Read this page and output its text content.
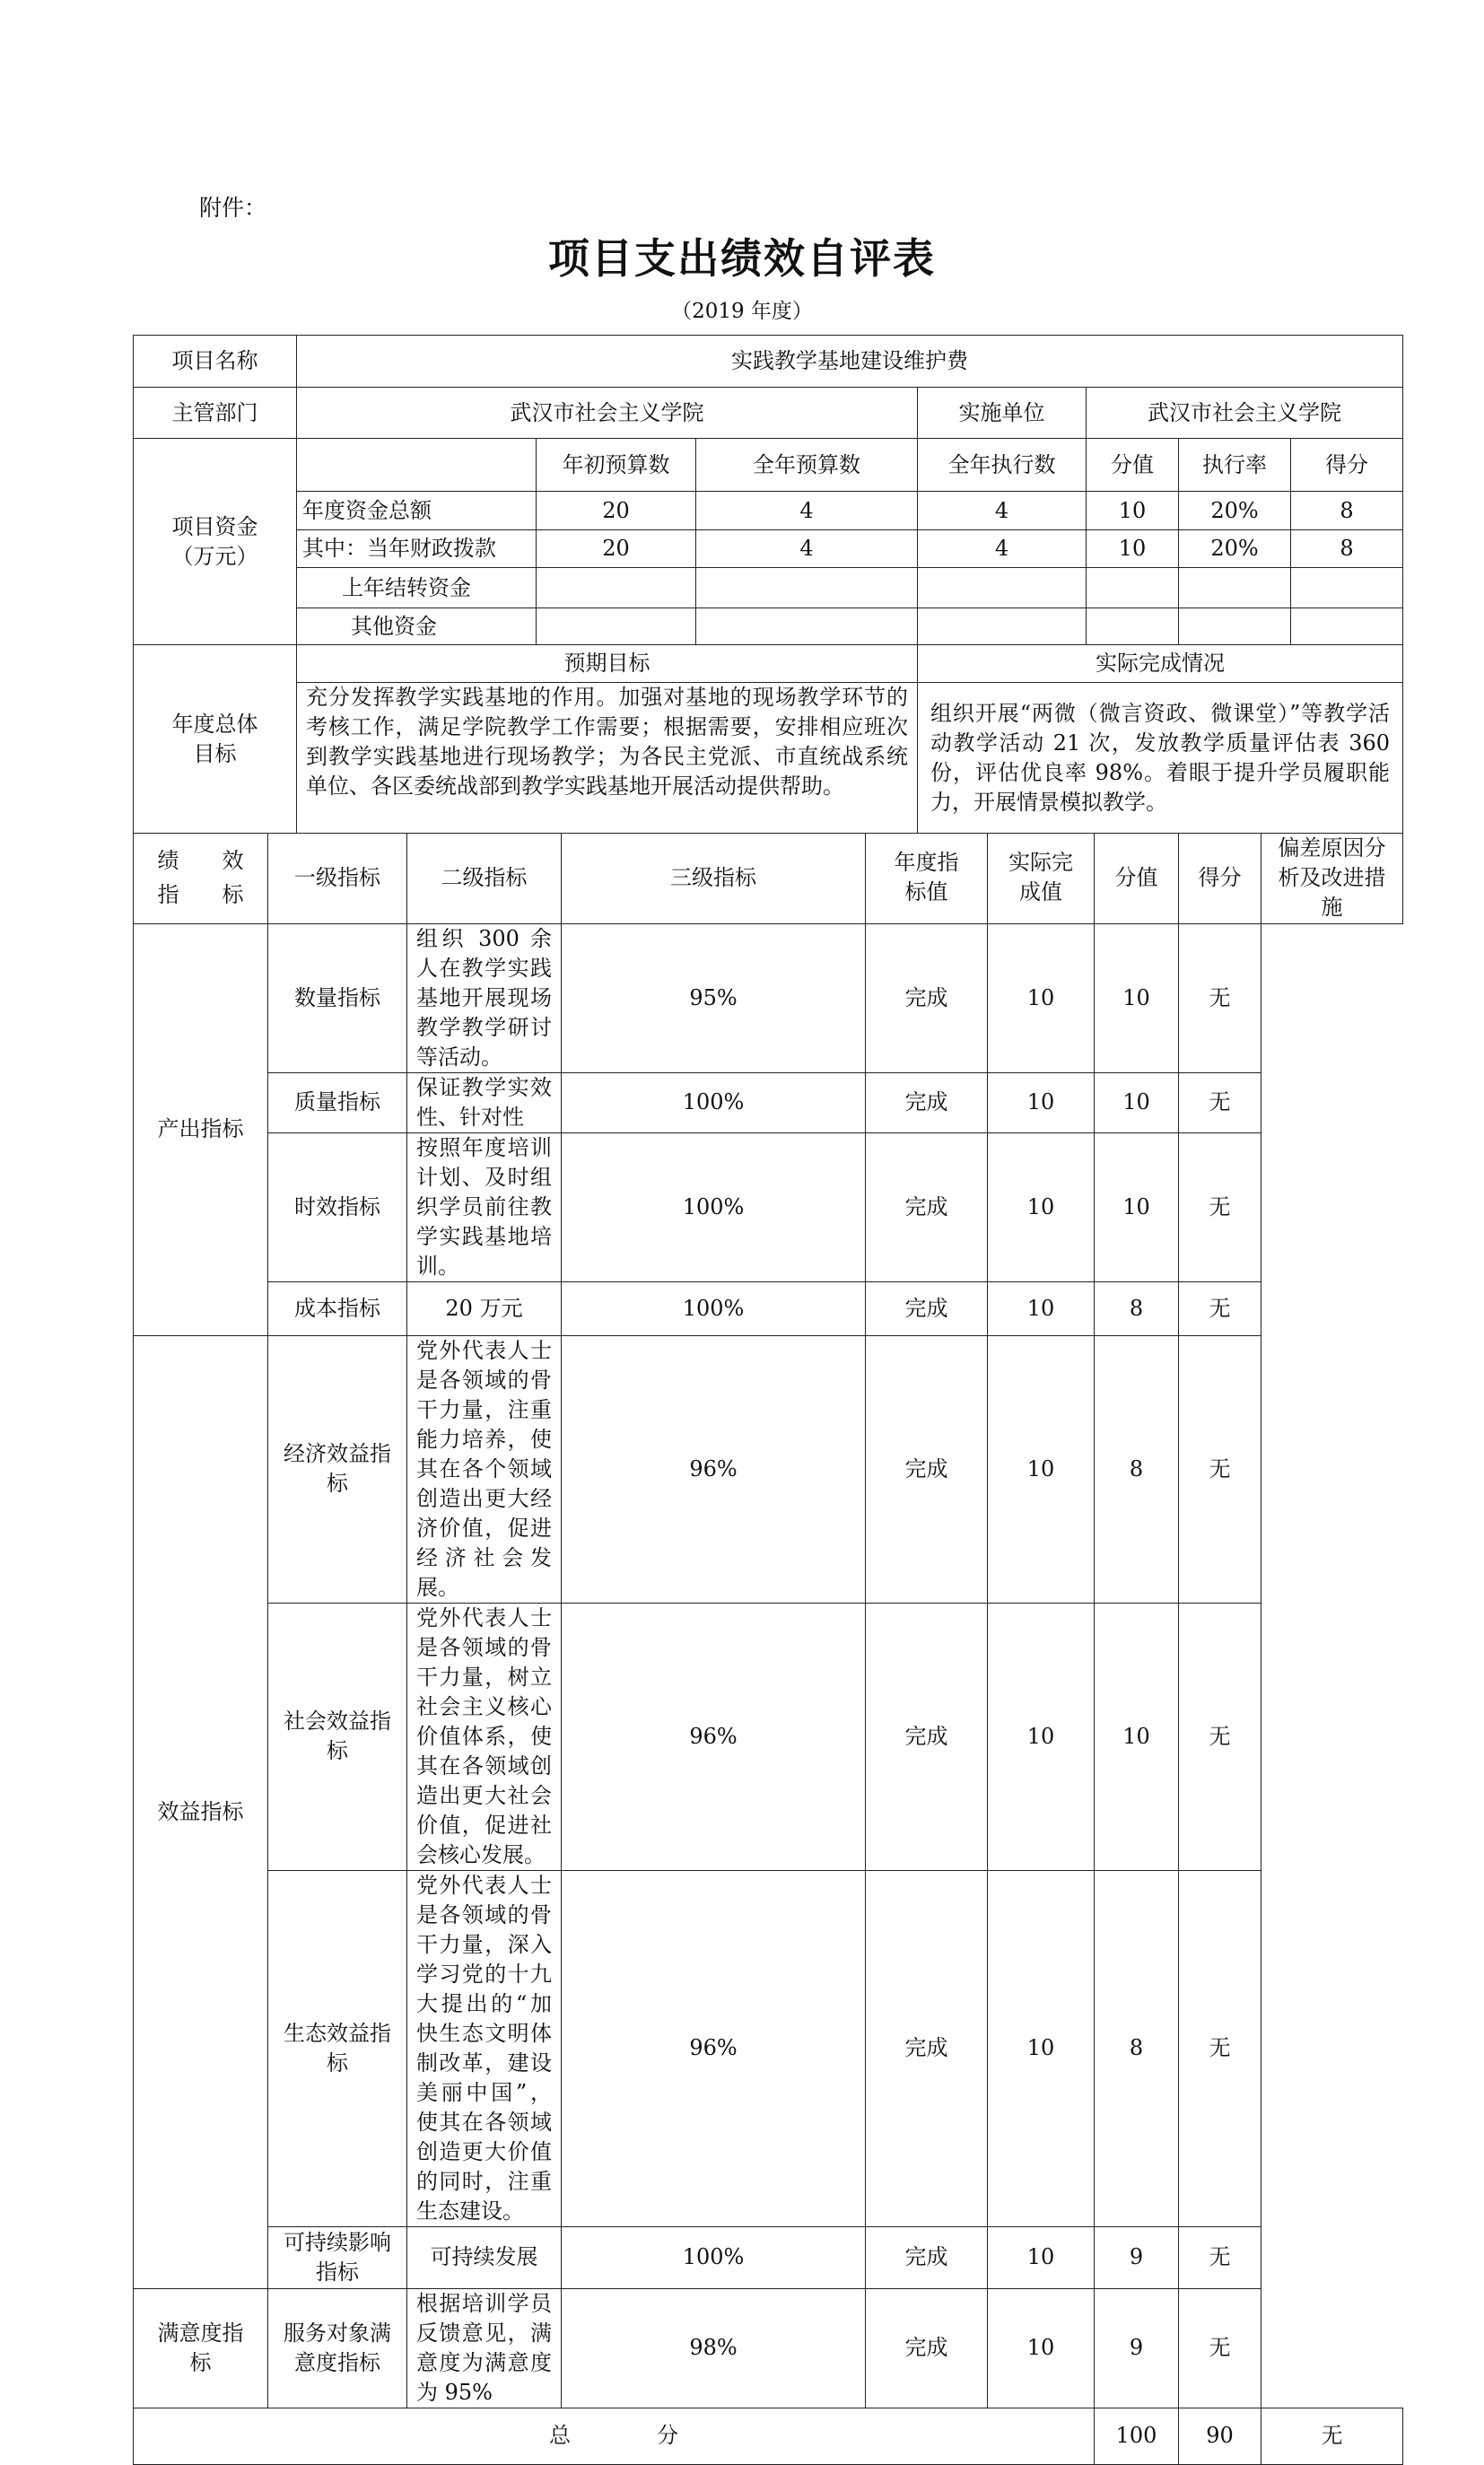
附件：
项目支出绩效自评表
（2019 年度）
项目名称	实践教学基地建设维护费						
主管部门	武汉市社会主义学院			实施单位	武汉市社会主义学院		

项目资金
（万元）		年初预算数	全年预算数	全年执行数	分值	执行率	得分
	年度资金总额	20	4	4	10	20%	8
	其中：当年财政拨款	20	4	4	10	20%	8
	上年结转资金						
	其他资金						

年度总体
目标	预期目标			实际完成情况			
	充分发挥教学实践基地的作用。加强对基地的现场教学环节的考核工作，满足学院教学工作需要；根据需要，安排相应班次到教学实践基地进行现场教学；为各民主党派、市直统战系统单位、各区委统战部到教学实践基地开展活动提供帮助。			组织开展“两微（微言资政、微课堂）”等教学活动教学活动 21 次，发放教学质量评估表 360 份，评估优良率 98%。着眼于提升学员履职能力，开展情景模拟教学。			
绩　　效
指　　标	一级指标	二级指标	三级指标	年度指标值	实际完成值	分值	得分	偏差原因分析及改进措施
产出指标	数量指标	组织 300 余人在教学实践基地开展现场教学教学研讨等活动。	95%	完成	10	10	无	
	质量指标	保证教学实效性、针对性	100%	完成	10	10	无	
	时效指标	按照年度培训计划、及时组织学员前往教学实践基地培训。	100%	完成	10	10	无	
	成本指标	20 万元	100%	完成	10	8	无	
效益指标	经济效益指标	党外代表人士是各领域的骨干力量，注重能力培养，使其在各个领域创造出更大经济价值，促进经济社会发展。	96%	完成	10	8	无	
	社会效益指标	党外代表人士是各领域的骨干力量，树立社会主义核心价值体系，使其在各领域创造出更大社会价值，促进社会核心发展。	96%	完成	10	10	无	
	生态效益指标	党外代表人士是各领域的骨干力量，深入学习党的十九大提出的“加快生态文明体制改革，建设美丽中国”，使其在各领域创造更大价值的同时，注重生态建设。	96%	完成	10	8	无	
	可持续影响指标	可持续发展	100%	完成	10	9	无	
满意度指标	服务对象满意度指标	根据培训学员反馈意见，满意度为满意度为 95%	98%	完成	10	9	无	
总　　　　分						100	90	无
